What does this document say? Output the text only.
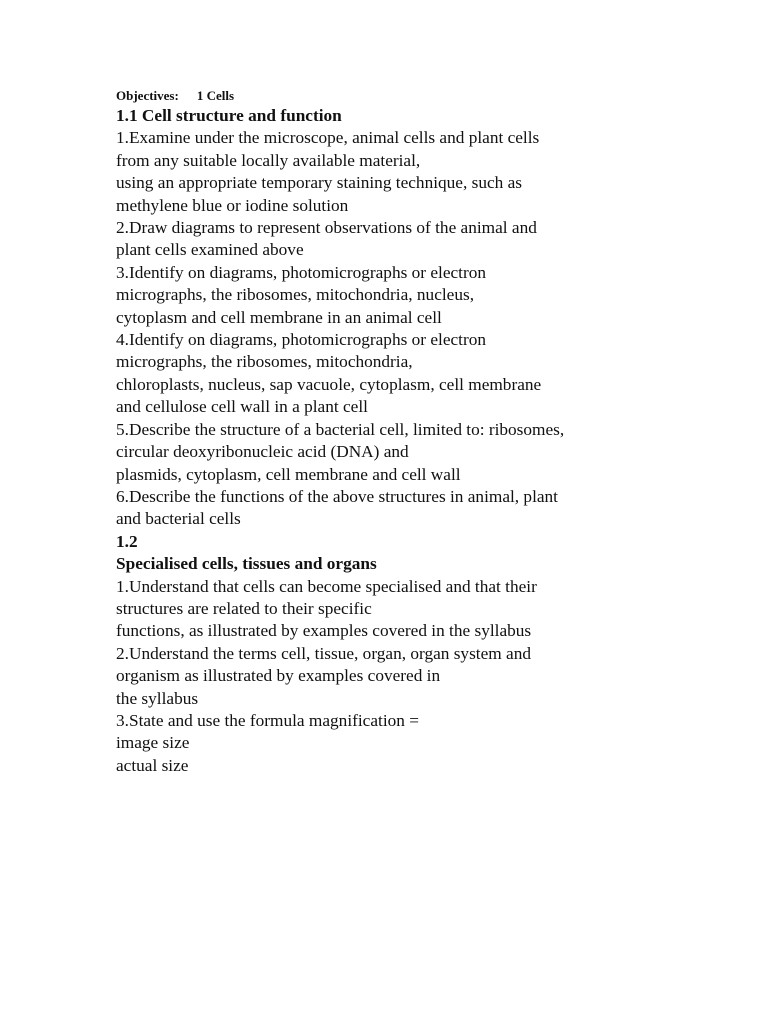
Objectives: 1 Cells
1.1 Cell structure and function
1.Examine under the microscope, animal cells and plant cells
from any suitable locally available material,
using an appropriate temporary staining technique, such as
methylene blue or iodine solution
2.Draw diagrams to represent observations of the animal and
plant cells examined above
3.Identify on diagrams, photomicrographs or electron
micrographs, the ribosomes, mitochondria, nucleus,
cytoplasm and cell membrane in an animal cell
4.Identify on diagrams, photomicrographs or electron
micrographs, the ribosomes, mitochondria,
chloroplasts, nucleus, sap vacuole, cytoplasm, cell membrane
and cellulose cell wall in a plant cell
5.Describe the structure of a bacterial cell, limited to: ribosomes,
circular deoxyribonucleic acid (DNA) and
plasmids, cytoplasm, cell membrane and cell wall
6.Describe the functions of the above structures in animal, plant
and bacterial cells
1.2
Specialised cells, tissues and organs
1.Understand that cells can become specialised and that their
structures are related to their specific
functions, as illustrated by examples covered in the syllabus
2.Understand the terms cell, tissue, organ, organ system and
organism as illustrated by examples covered in
the syllabus
3.State and use the formula magnification =
image size
actual size
